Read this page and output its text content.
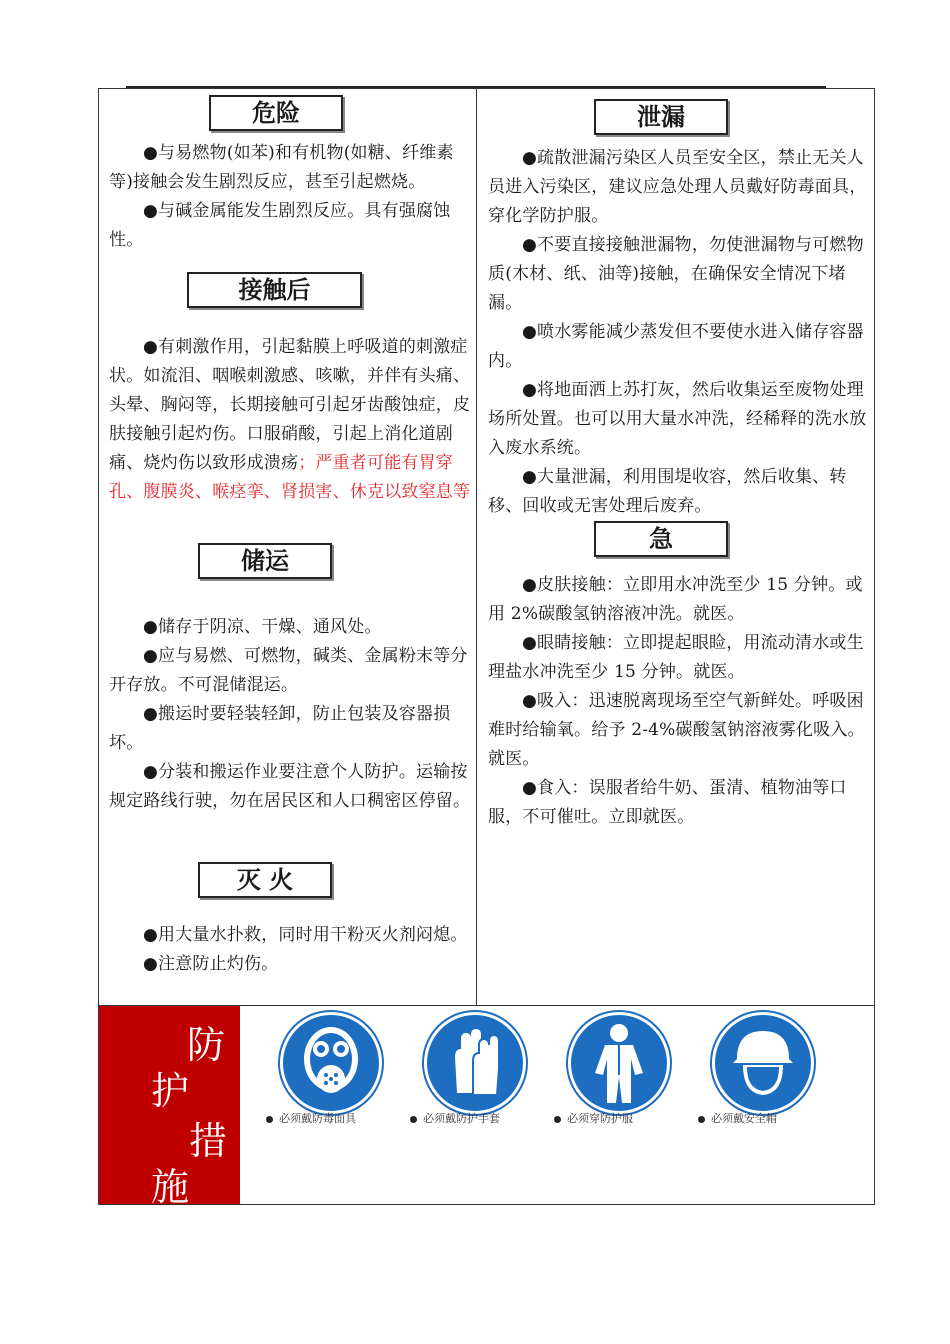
危险

●与易燃物(如苯)和有机物(如糖、纤维素等)接触会发生剧烈反应，甚至引起燃烧。

●与碱金属能发生剧烈反应。具有强腐蚀性。

接触后

●有刺激作用，引起黏膜上呼吸道的刺激症状。如流泪、咽喉刺激感、咳嗽，并伴有头痛、头晕、胸闷等，长期接触可引起牙齿酸蚀症，皮肤接触引起灼伤。口服硝酸，引起上消化道剧痛、烧灼伤以致形成溃疡；严重者可能有胃穿孔、腹膜炎、喉痉挛、肾损害、休克以致窒息等

储运

●储存于阴凉、干燥、通风处。

●应与易燃、可燃物，碱类、金属粉末等分开存放。不可混储混运。

●搬运时要轻装轻卸，防止包装及容器损坏。

●分装和搬运作业要注意个人防护。运输按规定路线行驶，勿在居民区和人口稠密区停留。

灭 火

●用大量水扑救，同时用干粉灭火剂闷熄。

●注意防止灼伤。

泄漏

●疏散泄漏污染区人员至安全区，禁止无关人员进入污染区，建议应急处理人员戴好防毒面具，穿化学防护服。

●不要直接接触泄漏物，勿使泄漏物与可燃物质(木材、纸、油等)接触，在确保安全情况下堵漏。

●喷水雾能减少蒸发但不要使水进入储存容器内。

●将地面洒上苏打灰，然后收集运至废物处理场所处置。也可以用大量水冲洗，经稀释的洗水放入废水系统。

●大量泄漏，利用围堤收容，然后收集、转移、回收或无害处理后废弃。

急

●皮肤接触：立即用水冲洗至少 15 分钟。或用 2%碳酸氢钠溶液冲洗。就医。

●眼睛接触：立即提起眼睑，用流动清水或生理盐水冲洗至少 15 分钟。就医。

●吸入：迅速脱离现场至空气新鲜处。呼吸困难时给输氧。给予 2-4%碳酸氢钠溶液雾化吸入。就医。

●食入：误服者给牛奶、蛋清、植物油等口服，不可催吐。立即就医。

防
护
措
施
必须戴防毒面具	必须戴防护手套	必须穿防护服	必须戴安全帽
